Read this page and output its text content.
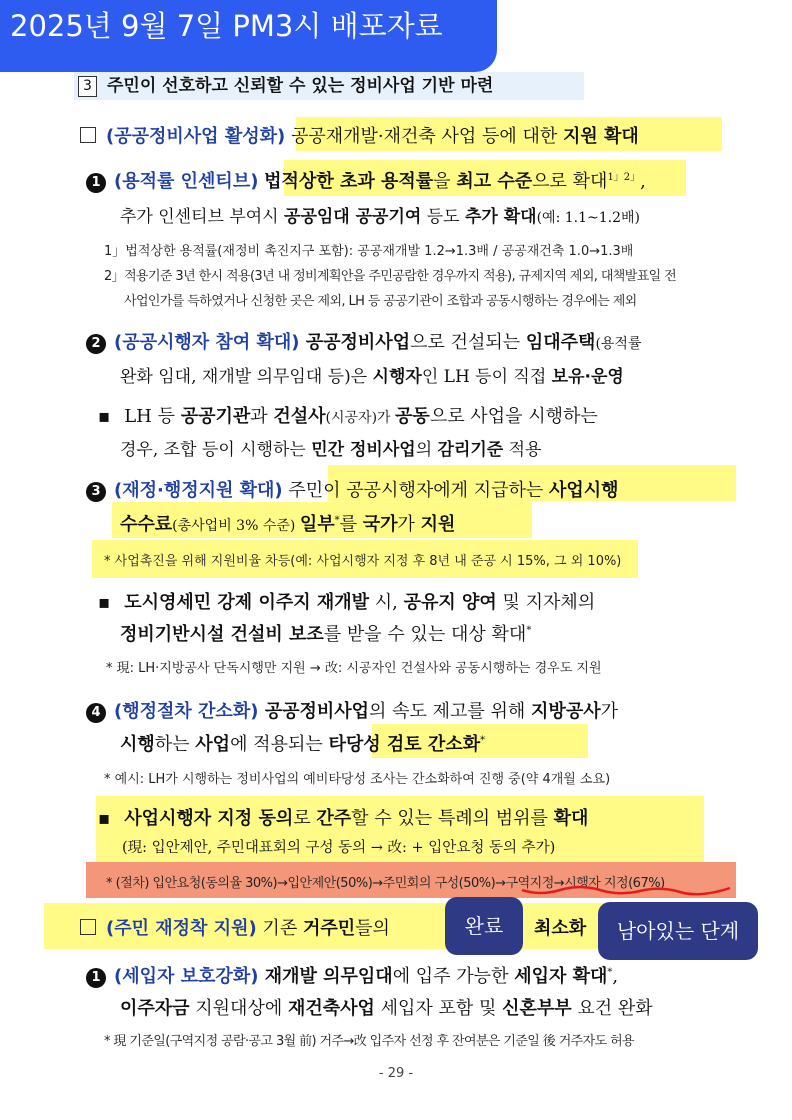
2025년 9월 7일 PM3시 배포자료
3 주민이 선호하고 신뢰할 수 있는 정비사업 기반 마련
(공공정비사업 활성화) 공공재개발·재건축 사업 등에 대한 지원 확대
1 (용적률 인센티브) 법적상한 초과 용적률을 최고 수준으로 확대$^{1」2」}$,
추가 인센티브 부여시 공공임대 공공기여 등도 추가 확대(예: 1.1~1.2배)
1」법적상한 용적률(재정비 촉진지구 포함): 공공재개발 1.2→1.3배 / 공공재건축 1.0→1.3배
2」적용기준 3년 한시 적용(3년 내 정비계획안을 주민공람한 경우까지 적용), 규제지역 제외, 대책발표일 전
사업인가를 득하였거나 신청한 곳은 제외, LH 등 공공기관이 조합과 공동시행하는 경우에는 제외
2 (공공시행자 참여 확대) 공공정비사업으로 건설되는 임대주택(용적률
완화 임대, 재개발 의무임대 등)은 시행자인 LH 등이 직접 보유·운영
▪ LH 등 공공기관과 건설사(시공자)가 공동으로 사업을 시행하는
경우, 조합 등이 시행하는 민간 정비사업의 감리기준 적용
3 (재정·행정지원 확대) 주민이 공공시행자에게 지급하는 사업시행
수수료(총사업비 3% 수준) 일부*를 국가가 지원
* 사업촉진을 위해 지원비율 차등(예: 사업시행자 지정 후 8년 내 준공 시 15%, 그 외 10%)
▪ 도시영세민 강제 이주지 재개발 시, 공유지 양여 및 지자체의
정비기반시설 건설비 보조를 받을 수 있는 대상 확대*
* 現: LH·지방공사 단독시행만 지원 → 改: 시공자인 건설사와 공동시행하는 경우도 지원
4 (행정절차 간소화) 공공정비사업의 속도 제고를 위해 지방공사가
시행하는 사업에 적용되는 타당성 검토 간소화*
* 예시: LH가 시행하는 정비사업의 예비타당성 조사는 간소화하여 진행 중(약 4개월 소요)
▪ 사업시행자 지정 동의로 간주할 수 있는 특례의 범위를 확대
(現: 입안제안, 주민대표회의 구성 동의 → 改: + 입안요청 동의 추가)
* (절차) 입안요청(동의율 30%)→입안제안(50%)→주민회의 구성(50%)→구역지정→시행자 지정(67%)
(주민 재정착 지원) 기존 거주민들의	최소화
완료	남아있는 단계
1 (세입자 보호강화) 재개발 의무임대에 입주 가능한 세입자 확대*,
이주자금 지원대상에 재건축사업 세입자 포함 및 신혼부부 요건 완화
* 現 기준일(구역지정 공람·공고 3월 前) 거주→改 입주자 선정 후 잔여분은 기준일 後 거주자도 허용
- 29 -
